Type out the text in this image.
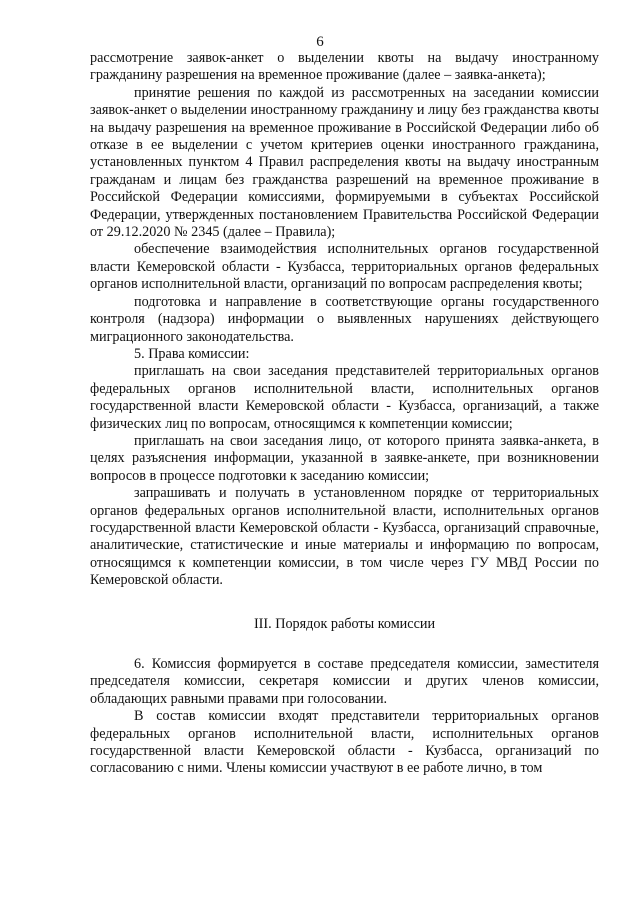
6

рассмотрение заявок-анкет о выделении квоты на выдачу иностранному гражданину разрешения на временное проживание (далее – заявка-анкета);

принятие решения по каждой из рассмотренных на заседании комиссии заявок-анкет о выделении иностранному гражданину и лицу без гражданства квоты на выдачу разрешения на временное проживание в Российской Федерации либо об отказе в ее выделении с учетом критериев оценки иностранного гражданина, установленных пунктом 4 Правил распределения квоты на выдачу иностранным гражданам и лицам без гражданства разрешений на временное проживание в Российской Федерации комиссиями, формируемыми в субъектах Российской Федерации, утвержденных постановлением Правительства Российской Федерации от 29.12.2020 № 2345 (далее – Правила);

обеспечение взаимодействия исполнительных органов государственной власти Кемеровской области - Кузбасса, территориальных органов федеральных органов исполнительной власти, организаций по вопросам распределения квоты;

подготовка и направление в соответствующие органы государственного контроля (надзора) информации о выявленных нарушениях действующего миграционного законодательства.

5. Права комиссии:

приглашать на свои заседания представителей территориальных органов федеральных органов исполнительной власти, исполнительных органов государственной власти Кемеровской области - Кузбасса, организаций, а также физических лиц по вопросам, относящимся к компетенции комиссии;

приглашать на свои заседания лицо, от которого принята заявка-анкета, в целях разъяснения информации, указанной в заявке-анкете, при возникновении вопросов в процессе подготовки к заседанию комиссии;

запрашивать и получать в установленном порядке от территориальных органов федеральных органов исполнительной власти, исполнительных органов государственной власти Кемеровской области - Кузбасса, организаций справочные, аналитические, статистические и иные материалы и информацию по вопросам, относящимся к компетенции комиссии, в том числе через ГУ МВД России по Кемеровской области.

III. Порядок работы комиссии

6. Комиссия формируется в составе председателя комиссии, заместителя председателя комиссии, секретаря комиссии и других членов комиссии, обладающих равными правами при голосовании.

В состав комиссии входят представители территориальных органов федеральных органов исполнительной власти, исполнительных органов государственной власти Кемеровской области - Кузбасса, организаций по согласованию с ними. Члены комиссии участвуют в ее работе лично, в том
